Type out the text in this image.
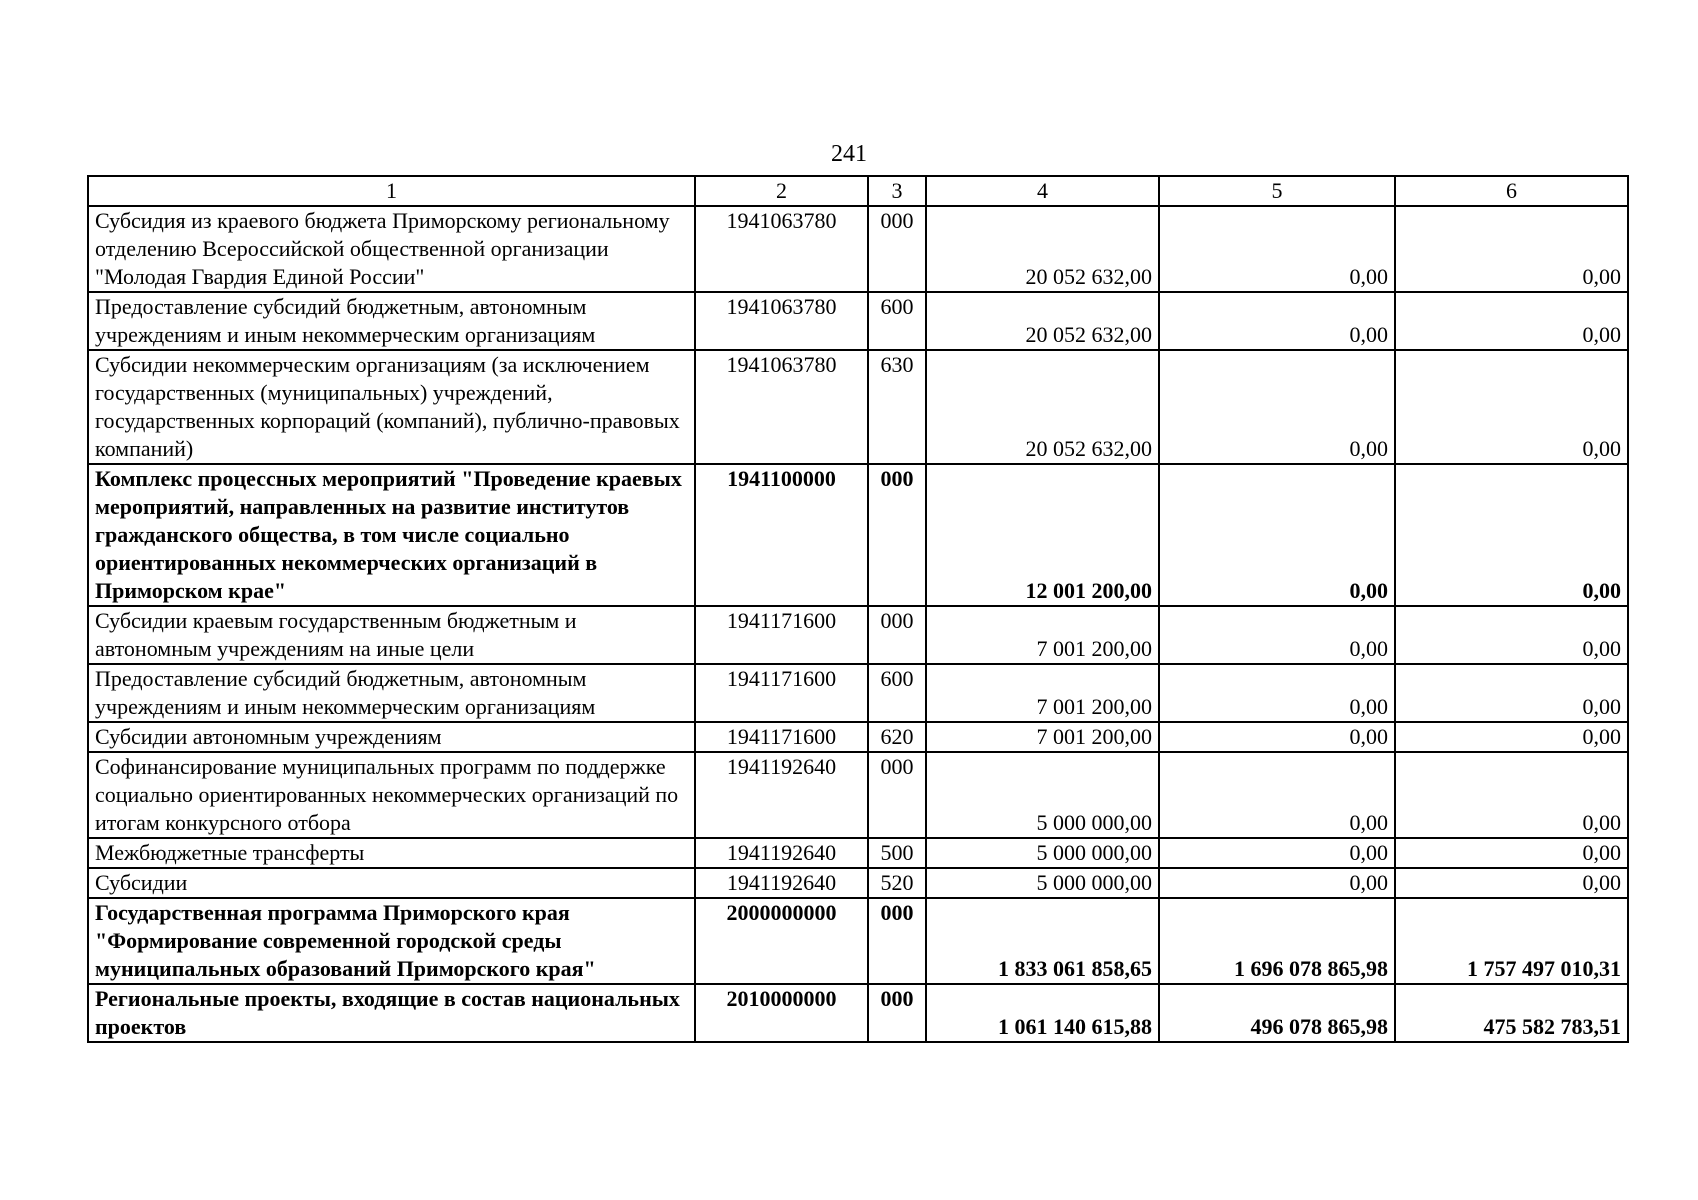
241
1	2	3	4	5	6
Субсидия из краевого бюджета Приморскому региональному отделению Всероссийской общественной организации "Молодая Гвардия Единой России"	1941063780	000	20 052 632,00	0,00	0,00
Предоставление субсидий бюджетным, автономным учреждениям и иным некоммерческим организациям	1941063780	600	20 052 632,00	0,00	0,00
Субсидии некоммерческим организациям (за исключением государственных (муниципальных) учреждений, государственных корпораций (компаний), публично-правовых компаний)	1941063780	630	20 052 632,00	0,00	0,00
Комплекс процессных мероприятий "Проведение краевых мероприятий, направленных на развитие институтов гражданского общества, в том числе социально ориентированных некоммерческих организаций в Приморском крае"	1941100000	000	12 001 200,00	0,00	0,00
Субсидии краевым государственным бюджетным и автономным учреждениям на иные цели	1941171600	000	7 001 200,00	0,00	0,00
Предоставление субсидий бюджетным, автономным учреждениям и иным некоммерческим организациям	1941171600	600	7 001 200,00	0,00	0,00
Субсидии автономным учреждениям	1941171600	620	7 001 200,00	0,00	0,00
Софинансирование муниципальных программ по поддержке социально ориентированных некоммерческих организаций по итогам конкурсного отбора	1941192640	000	5 000 000,00	0,00	0,00
Межбюджетные трансферты	1941192640	500	5 000 000,00	0,00	0,00
Субсидии	1941192640	520	5 000 000,00	0,00	0,00
Государственная программа Приморского края "Формирование современной городской среды муниципальных образований Приморского края"	2000000000	000	1 833 061 858,65	1 696 078 865,98	1 757 497 010,31
Региональные проекты, входящие в состав национальных проектов	2010000000	000	1 061 140 615,88	496 078 865,98	475 582 783,51
